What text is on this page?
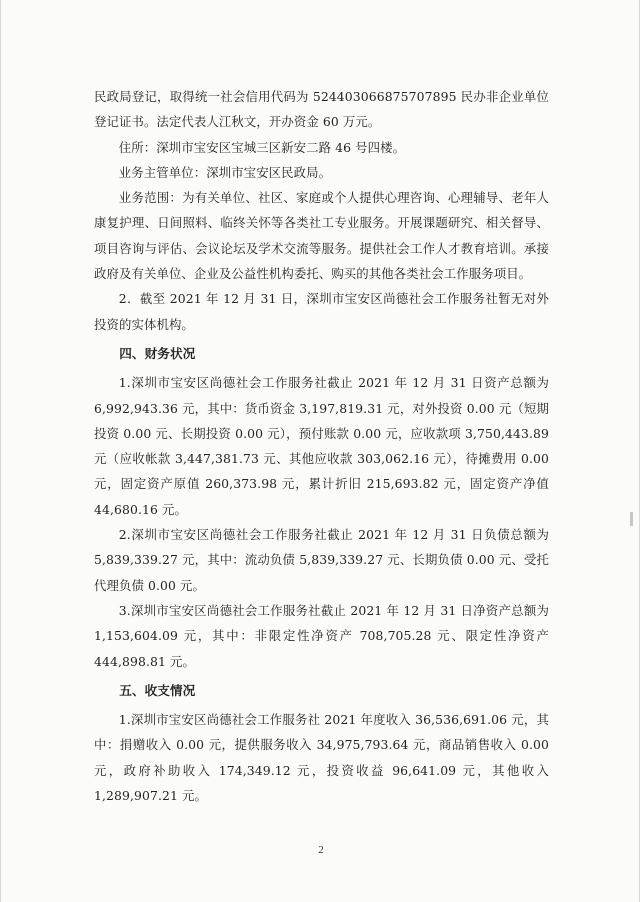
民政局登记，取得统一社会信用代码为 524403066875707895 民办非企业单位登记证书。法定代表人江秋文，开办资金 60 万元。

住所：深圳市宝安区宝城三区新安二路 46 号四楼。

业务主管单位：深圳市宝安区民政局。

业务范围：为有关单位、社区、家庭或个人提供心理咨询、心理辅导、老年人康复护理、日间照料、临终关怀等各类社工专业服务。开展课题研究、相关督导、项目咨询与评估、会议论坛及学术交流等服务。提供社会工作人才教育培训。承接政府及有关单位、企业及公益性机构委托、购买的其他各类社会工作服务项目。

2．截至 2021 年 12 月 31 日，深圳市宝安区尚德社会工作服务社暂无对外投资的实体机构。

四、财务状况

1.深圳市宝安区尚德社会工作服务社截止 2021 年 12 月 31 日资产总额为 6,992,943.36 元，其中：货币资金 3,197,819.31 元，对外投资 0.00 元（短期投资 0.00 元、长期投资 0.00 元），预付账款 0.00 元，应收款项 3,750,443.89 元（应收帐款 3,447,381.73 元、其他应收款 303,062.16 元），待摊费用 0.00 元，固定资产原值 260,373.98 元，累计折旧 215,693.82 元，固定资产净值 44,680.16 元。

2.深圳市宝安区尚德社会工作服务社截止 2021 年 12 月 31 日负债总额为 5,839,339.27 元，其中：流动负债 5,839,339.27 元、长期负债 0.00 元、受托代理负债 0.00 元。

3.深圳市宝安区尚德社会工作服务社截止 2021 年 12 月 31 日净资产总额为 1,153,604.09 元，其中：非限定性净资产 708,705.28 元、限定性净资产 444,898.81 元。

五、收支情况

1.深圳市宝安区尚德社会工作服务社 2021 年度收入 36,536,691.06 元，其中：捐赠收入 0.00 元，提供服务收入 34,975,793.64 元，商品销售收入 0.00 元，政府补助收入 174,349.12 元，投资收益 96,641.09 元，其他收入 1,289,907.21 元。

2
